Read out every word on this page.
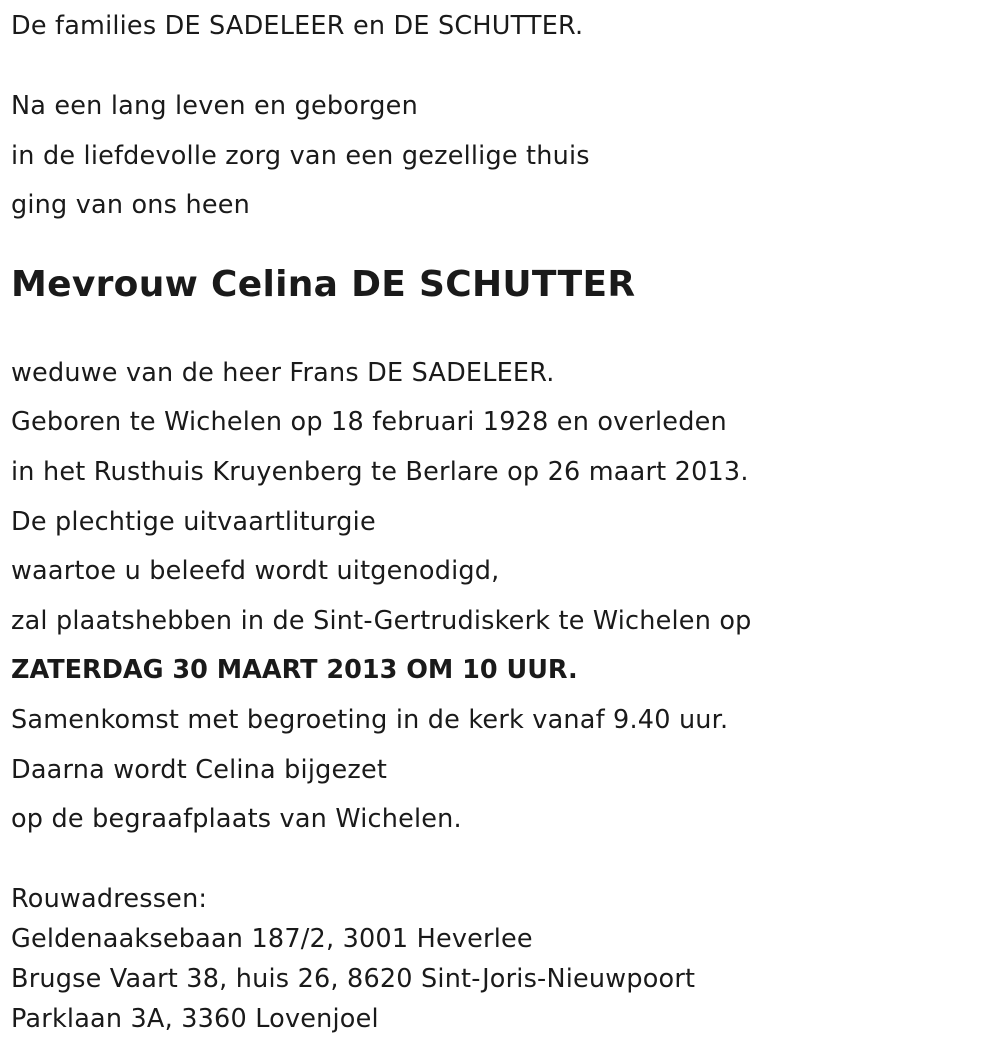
De families DE SADELEER en DE SCHUTTER.
Na een lang leven en geborgen
in de liefdevolle zorg van een gezellige thuis
ging van ons heen
Mevrouw Celina DE SCHUTTER
weduwe van de heer Frans DE SADELEER.
Geboren te Wichelen op 18 februari 1928 en overleden
in het Rusthuis Kruyenberg te Berlare op 26 maart 2013.
De plechtige uitvaartliturgie
waartoe u beleefd wordt uitgenodigd,
zal plaatshebben in de Sint-Gertrudiskerk te Wichelen op
ZATERDAG 30 MAART 2013 OM 10 UUR.
Samenkomst met begroeting in de kerk vanaf 9.40 uur.
Daarna wordt Celina bijgezet
op de begraafplaats van Wichelen.
Rouwadressen:
Geldenaaksebaan 187/2, 3001 Heverlee
Brugse Vaart 38, huis 26, 8620 Sint-Joris-Nieuwpoort
Parklaan 3A, 3360 Lovenjoel
